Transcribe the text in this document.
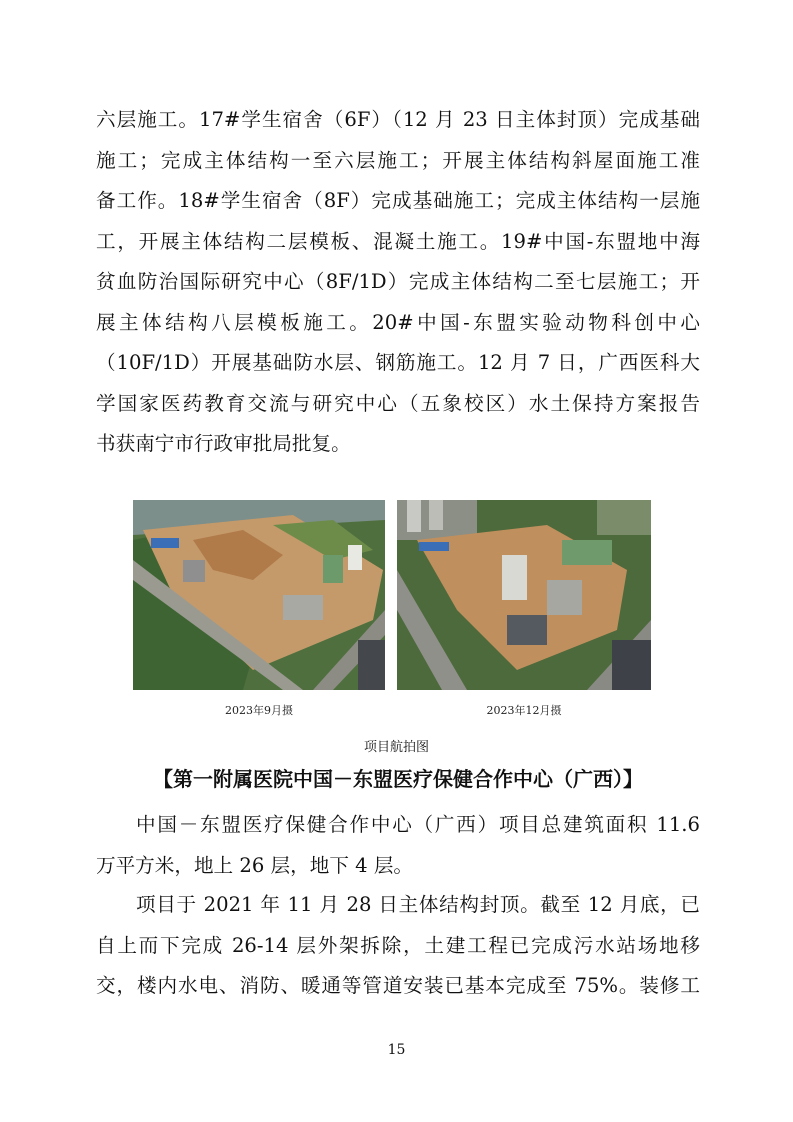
六层施工。17#学生宿舍（6F）（12 月 23 日主体封顶）完成基础
施工；完成主体结构一至六层施工；开展主体结构斜屋面施工准
备工作。18#学生宿舍（8F）完成基础施工；完成主体结构一层施
工，开展主体结构二层模板、混凝土施工。19#中国-东盟地中海
贫血防治国际研究中心（8F/1D）完成主体结构二至七层施工；开
展主体结构八层模板施工。20#中国-东盟实验动物科创中心
（10F/1D）开展基础防水层、钢筋施工。12 月 7 日，广西医科大
学国家医药教育交流与研究中心（五象校区）水土保持方案报告
书获南宁市行政审批局批复。
2023年9月摄	2023年12月摄
项目航拍图
【第一附属医院中国－东盟医疗保健合作中心（广西）】
中国－东盟医疗保健合作中心（广西）项目总建筑面积 11.6
万平方米，地上 26 层，地下 4 层。
项目于 2021 年 11 月 28 日主体结构封顶。截至 12 月底，已
自上而下完成 26-14 层外架拆除，土建工程已完成污水站场地移
交，楼内水电、消防、暖通等管道安装已基本完成至 75%。装修工
15
